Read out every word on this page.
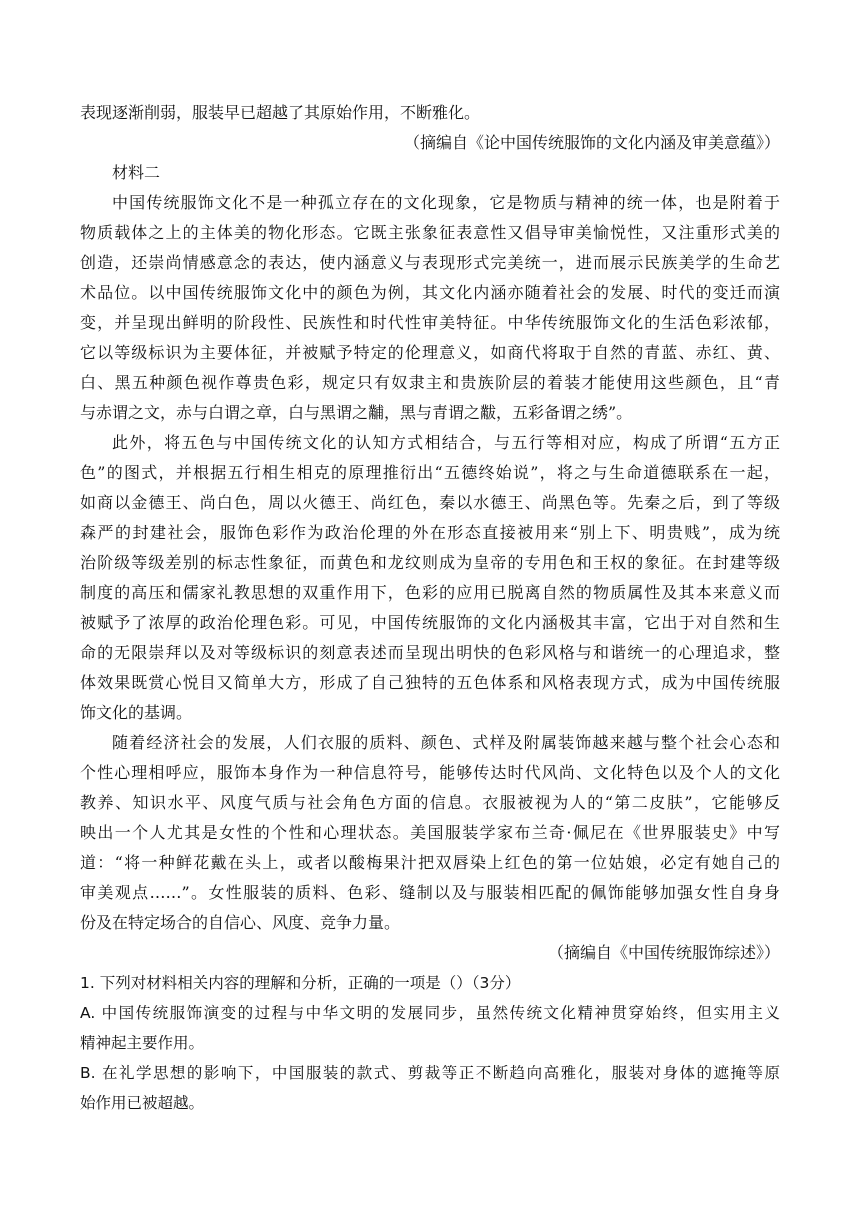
表现逐渐削弱，服装早已超越了其原始作用，不断雅化。

（摘编自《论中国传统服饰的文化内涵及审美意蕴》）

材料二

中国传统服饰文化不是一种孤立存在的文化现象，它是物质与精神的统一体，也是附着于

物质载体之上的主体美的物化形态。它既主张象征表意性又倡导审美愉悦性，又注重形式美的

创造，还崇尚情感意念的表达，使内涵意义与表现形式完美统一，进而展示民族美学的生命艺

术品位。以中国传统服饰文化中的颜色为例，其文化内涵亦随着社会的发展、时代的变迁而演

变，并呈现出鲜明的阶段性、民族性和时代性审美特征。中华传统服饰文化的生活色彩浓郁，

它以等级标识为主要体征，并被赋予特定的伦理意义，如商代将取于自然的青蓝、赤红、黄、

白、黑五种颜色视作尊贵色彩，规定只有奴隶主和贵族阶层的着装才能使用这些颜色，且“青

与赤谓之文，赤与白谓之章，白与黑谓之黼，黑与青谓之黻，五彩备谓之绣”。

此外，将五色与中国传统文化的认知方式相结合，与五行等相对应，构成了所谓“五方正

色”的图式，并根据五行相生相克的原理推衍出“五德终始说”，将之与生命道德联系在一起，

如商以金德王、尚白色，周以火德王、尚红色，秦以水德王、尚黑色等。先秦之后，到了等级

森严的封建社会，服饰色彩作为政治伦理的外在形态直接被用来“别上下、明贵贱”，成为统

治阶级等级差别的标志性象征，而黄色和龙纹则成为皇帝的专用色和王权的象征。在封建等级

制度的高压和儒家礼教思想的双重作用下，色彩的应用已脱离自然的物质属性及其本来意义而

被赋予了浓厚的政治伦理色彩。可见，中国传统服饰的文化内涵极其丰富，它出于对自然和生

命的无限崇拜以及对等级标识的刻意表述而呈现出明快的色彩风格与和谐统一的心理追求，整

体效果既赏心悦目又简单大方，形成了自己独特的五色体系和风格表现方式，成为中国传统服

饰文化的基调。

随着经济社会的发展，人们衣服的质料、颜色、式样及附属装饰越来越与整个社会心态和

个性心理相呼应，服饰本身作为一种信息符号，能够传达时代风尚、文化特色以及个人的文化

教养、知识水平、风度气质与社会角色方面的信息。衣服被视为人的“第二皮肤”，它能够反

映出一个人尤其是女性的个性和心理状态。美国服装学家布兰奇·佩尼在《世界服装史》中写

道：“将一种鲜花戴在头上，或者以酸梅果汁把双唇染上红色的第一位姑娘，必定有她自己的

审美观点……”。女性服装的质料、色彩、缝制以及与服装相匹配的佩饰能够加强女性自身身

份及在特定场合的自信心、风度、竞争力量。

（摘编自《中国传统服饰综述》）

1. 下列对材料相关内容的理解和分析，正确的一项是（）（3分）

A. 中国传统服饰演变的过程与中华文明的发展同步，虽然传统文化精神贯穿始终，但实用主义

精神起主要作用。

B. 在礼学思想的影响下，中国服装的款式、剪裁等正不断趋向高雅化，服装对身体的遮掩等原

始作用已被超越。
